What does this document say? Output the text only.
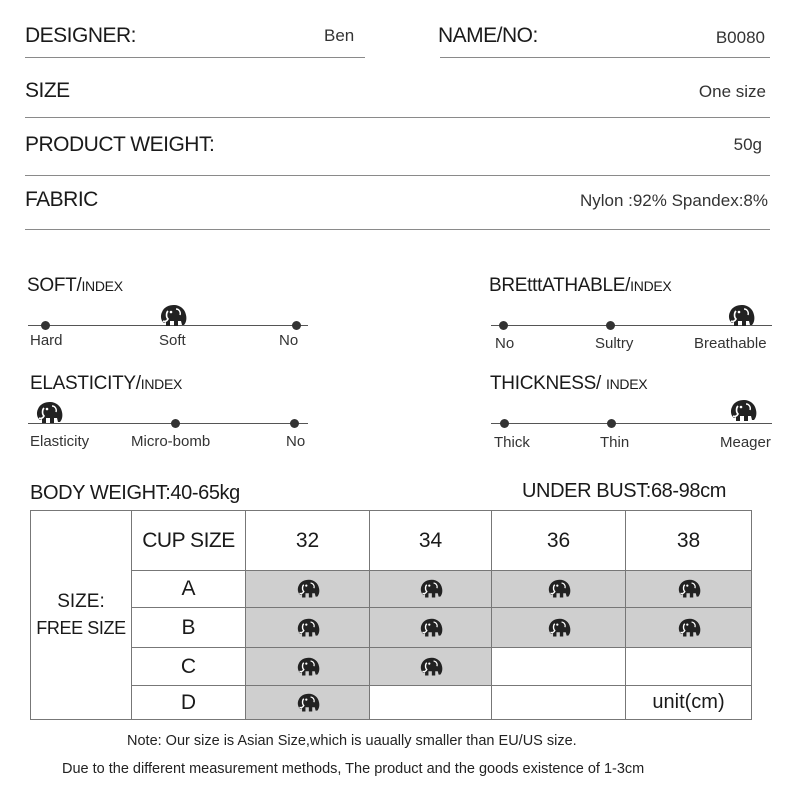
DESIGNER:	Ben	NAME/NO:	B0080
SIZE	One size
PRODUCT WEIGHT:	50g
FABRIC	Nylon :92% Spandex:8%
SOFT/INDEX
Hard	Soft	No
BREtttATHABLE/INDEX
No	Sultry	Breathable
ELASTICITY/INDEX
Elasticity	Micro-bomb	No
THICKNESS/ INDEX
Thick	Thin	Meager
BODY WEIGHT:40-65kg	UNDER BUST:68-98cm
SIZE:
FREE SIZE	CUP SIZE	32	34	36	38
	A				
	B				
	C				
	D				unit(cm)
Note: Our size is Asian Size,which is uaually smaller than EU/US size.
Due to the different measurement methods, The product and the goods existence of 1-3cm
